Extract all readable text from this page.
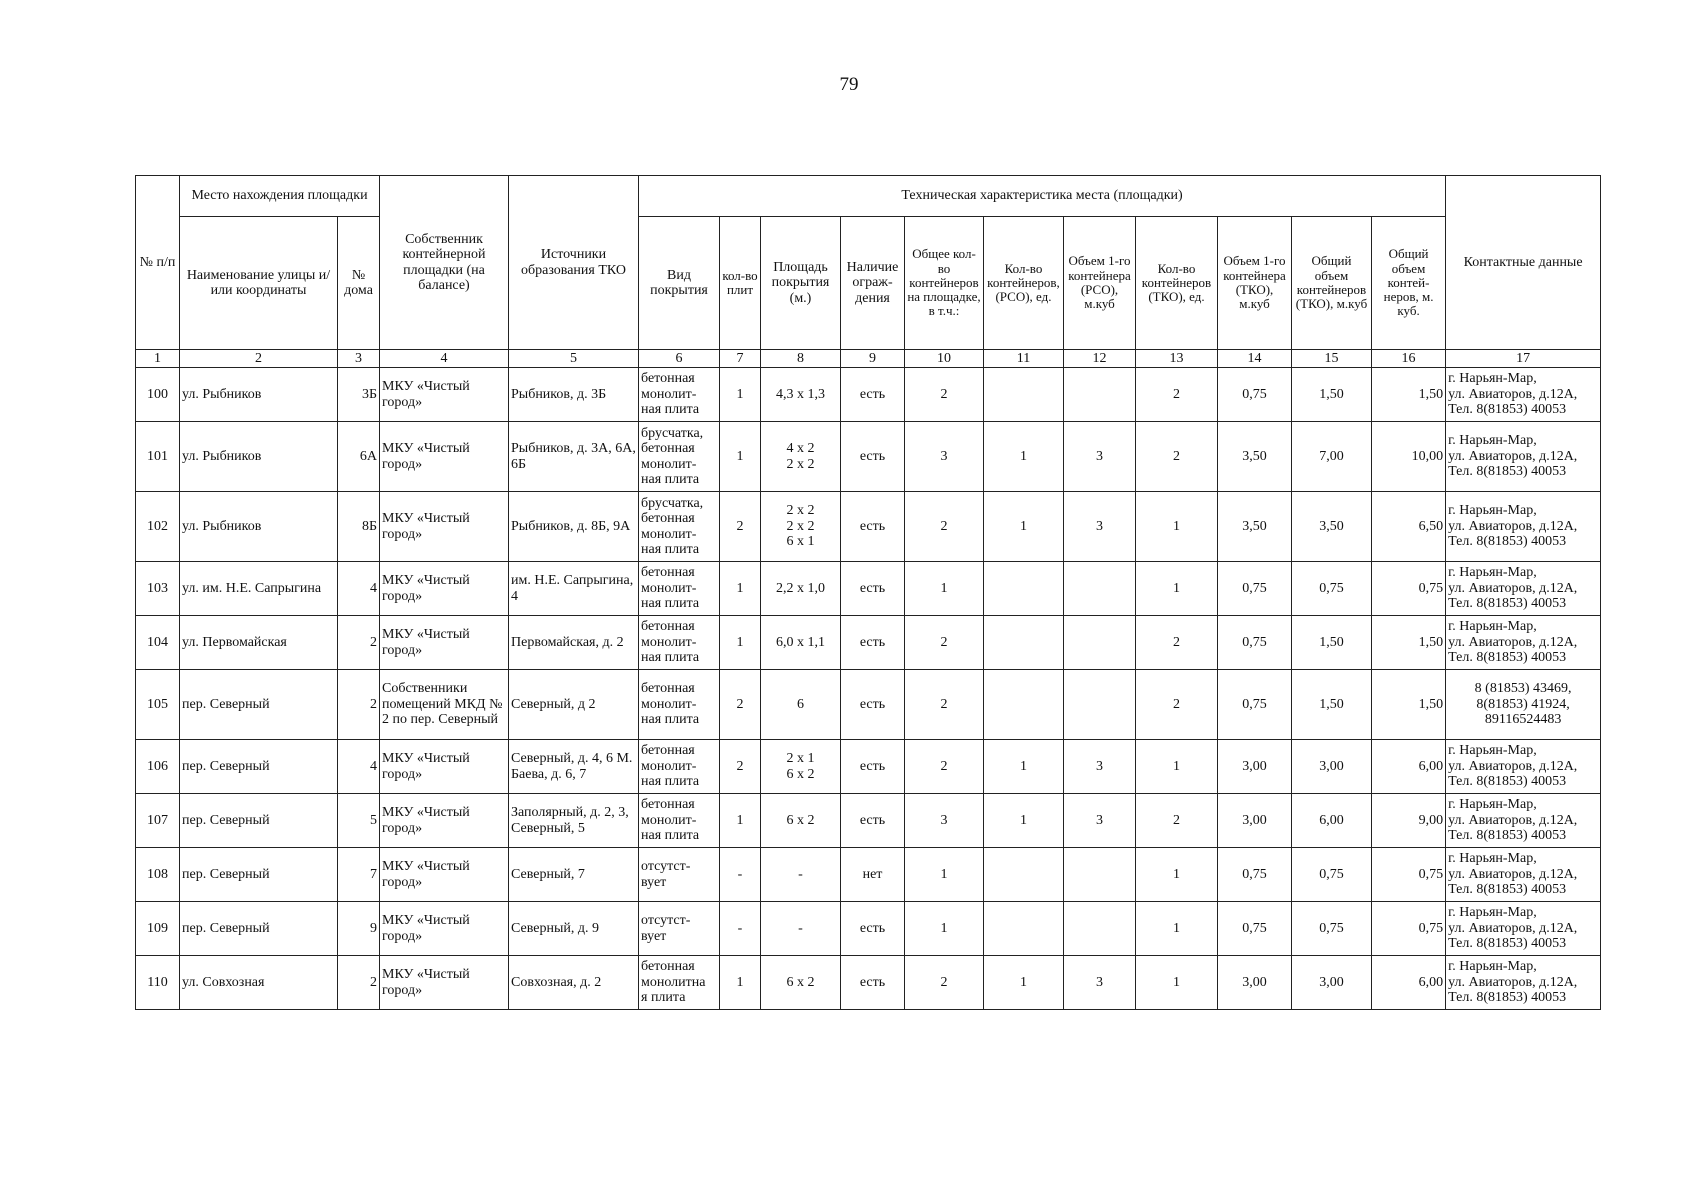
79
№ п/п	Место нахождения площадки		Собственник контейнерной площадки (на балансе)	Источники образования ТКО	Техническая характеристика места (площадки)											Контактные данные
	Наименование улицы и/или координаты	№ дома			Вид покрытия	кол-во плит	Площадь покрытия (м.)	Наличие ограж-дения	Общее кол-во контейнеров на площадке, в т.ч.:	Кол-во контейнеров, (РСО), ед.	Объем 1-го контейнера (РСО), м.куб	Кол-во контейнеров (ТКО), ед.	Объем 1-го контейнера (ТКО), м.куб	Общий объем контейнеров (ТКО), м.куб	Общий объем контей-неров, м. куб.	
1	2	3	4	5	6	7	8	9	10	11	12	13	14	15	16	17
100	ул. Рыбников	3Б	МКУ «Чистый город»	Рыбников, д. 3Б	бетонная
монолит-
ная плита	1	4,3 х 1,3	есть	2			2	0,75	1,50	1,50	г. Нарьян-Мар,
ул. Авиаторов, д.12А,
Тел. 8(81853) 40053
101	ул. Рыбников	6А	МКУ «Чистый город»	Рыбников, д. 3А, 6А, 6Б	брусчатка,
бетонная
монолит-
ная плита	1	4 х 2
2 х 2	есть	3	1	3	2	3,50	7,00	10,00	г. Нарьян-Мар,
ул. Авиаторов, д.12А,
Тел. 8(81853) 40053
102	ул. Рыбников	8Б	МКУ «Чистый город»	Рыбников, д. 8Б, 9А	брусчатка,
бетонная
монолит-
ная плита	2	2 х 2
2 х 2
6 х 1	есть	2	1	3	1	3,50	3,50	6,50	г. Нарьян-Мар,
ул. Авиаторов, д.12А,
Тел. 8(81853) 40053
103	ул. им. Н.Е. Сапрыгина	4	МКУ «Чистый город»	им. Н.Е. Сапрыгина, 4	бетонная
монолит-
ная плита	1	2,2 х 1,0	есть	1			1	0,75	0,75	0,75	г. Нарьян-Мар,
ул. Авиаторов, д.12А,
Тел. 8(81853) 40053
104	ул. Первомайская	2	МКУ «Чистый город»	Первомайская, д. 2	бетонная
монолит-
ная плита	1	6,0 х 1,1	есть	2			2	0,75	1,50	1,50	г. Нарьян-Мар,
ул. Авиаторов, д.12А,
Тел. 8(81853) 40053
105	пер. Северный	2	Собственники помещений МКД № 2 по пер. Северный	Северный, д 2	бетонная
монолит-
ная плита	2	6	есть	2			2	0,75	1,50	1,50	8 (81853) 43469,
8(81853) 41924,
89116524483
106	пер. Северный	4	МКУ «Чистый город»	Северный, д. 4, 6 М. Баева, д. 6, 7	бетонная
монолит-
ная плита	2	2 х 1
6 х 2	есть	2	1	3	1	3,00	3,00	6,00	г. Нарьян-Мар,
ул. Авиаторов, д.12А,
Тел. 8(81853) 40053
107	пер. Северный	5	МКУ «Чистый город»	Заполярный, д. 2, 3, Северный, 5	бетонная
монолит-
ная плита	1	6 х 2	есть	3	1	3	2	3,00	6,00	9,00	г. Нарьян-Мар,
ул. Авиаторов, д.12А,
Тел. 8(81853) 40053
108	пер. Северный	7	МКУ «Чистый город»	Северный, 7	отсутст-
вует	-	-	нет	1			1	0,75	0,75	0,75	г. Нарьян-Мар,
ул. Авиаторов, д.12А,
Тел. 8(81853) 40053
109	пер. Северный	9	МКУ «Чистый город»	Северный, д. 9	отсутст-
вует	-	-	есть	1			1	0,75	0,75	0,75	г. Нарьян-Мар,
ул. Авиаторов, д.12А,
Тел. 8(81853) 40053
110	ул. Совхозная	2	МКУ «Чистый город»	Совхозная, д. 2	бетонная
монолитна
я плита	1	6 х 2	есть	2	1	3	1	3,00	3,00	6,00	г. Нарьян-Мар,
ул. Авиаторов, д.12А,
Тел. 8(81853) 40053
